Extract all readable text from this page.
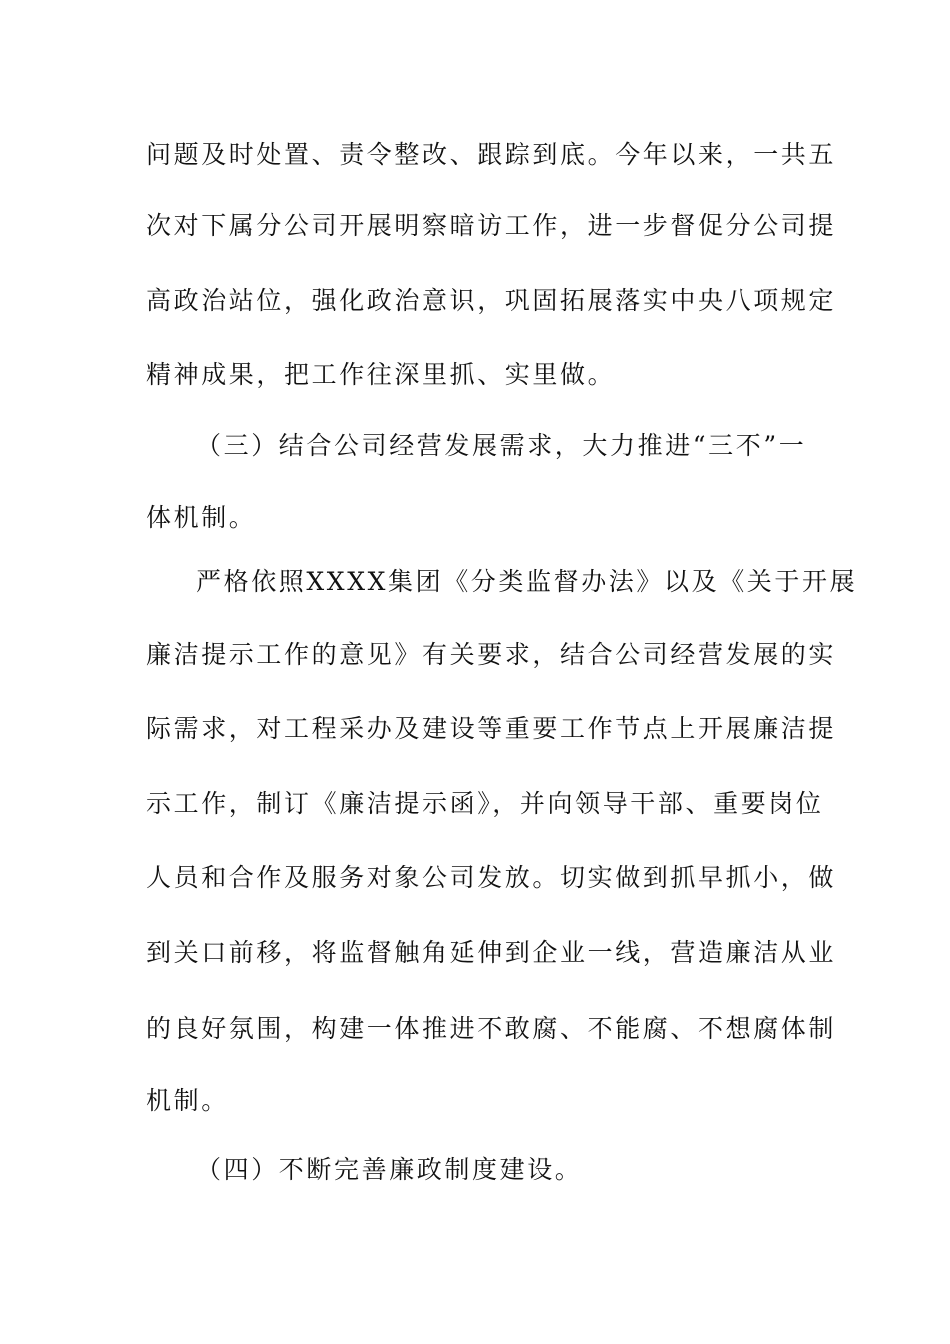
问题及时处置、责令整改、跟踪到底。今年以来，一共五
次对下属分公司开展明察暗访工作，进一步督促分公司提
高政治站位，强化政治意识，巩固拓展落实中央八项规定
精神成果，把工作往深里抓、实里做。
（三）结合公司经营发展需求，大力推进“三不”一
体机制。
严格依照XXXX集团《分类监督办法》以及《关于开展
廉洁提示工作的意见》有关要求，结合公司经营发展的实
际需求，对工程采办及建设等重要工作节点上开展廉洁提
示工作，制订《廉洁提示函》，并向领导干部、重要岗位
人员和合作及服务对象公司发放。切实做到抓早抓小，做
到关口前移，将监督触角延伸到企业一线，营造廉洁从业
的良好氛围，构建一体推进不敢腐、不能腐、不想腐体制
机制。
（四）不断完善廉政制度建设。
